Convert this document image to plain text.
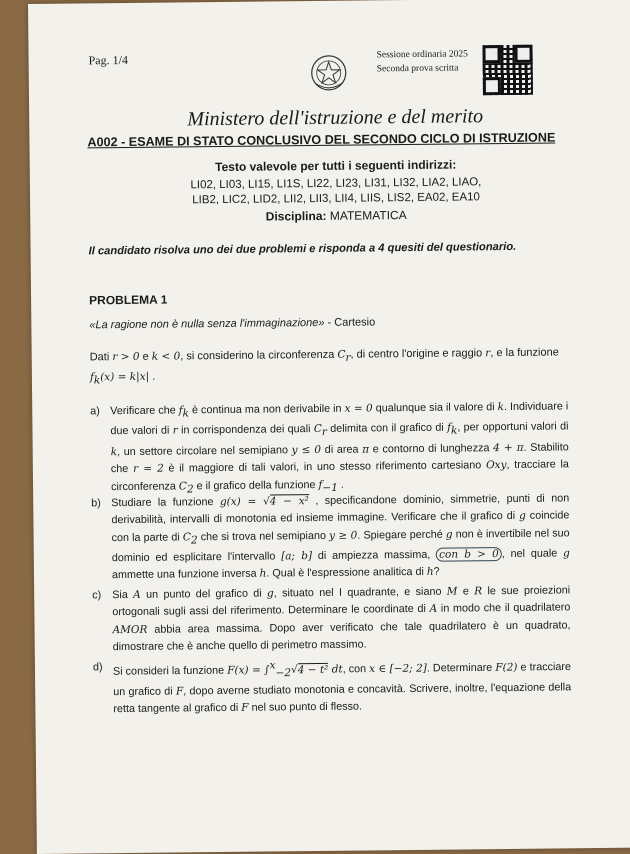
Pag. 1/4	Sessione ordinaria 2025
Seconda prova scritta
Ministero dell'istruzione e del merito
A002 - ESAME DI STATO CONCLUSIVO DEL SECONDO CICLO DI ISTRUZIONE
Testo valevole per tutti i seguenti indirizzi:
LI02, LI03, LI15, LI1S, LI22, LI23, LI31, LI32, LIA2, LIAO,
LIB2, LIC2, LID2, LII2, LII3, LII4, LIIS, LIS2, EA02, EA10
Disciplina: MATEMATICA
Il candidato risolva uno dei due problemi e risponda a 4 quesiti del questionario.
PROBLEMA 1
«La ragione non è nulla senza l'immaginazione» - Cartesio
Dati r > 0 e k < 0, si considerino la circonferenza $C_r$, di centro l'origine e raggio r, e la funzione
$f_k(x) = k|x|$ .
a) Verificare che $f_k$ è continua ma non derivabile in x = 0 qualunque sia il valore di k. Individuare i due valori di r in corrispondenza dei quali $C_r$ delimita con il grafico di $f_k$, per opportuni valori di k, un settore circolare nel semipiano y ≤ 0 di area π e contorno di lunghezza 4 + π. Stabilito che r = 2 è il maggiore di tali valori, in uno stesso riferimento cartesiano Oxy, tracciare la circonferenza $C_2$ e il grafico della funzione $f_{-1}$ .
b) Studiare la funzione g(x) = √4 − x² , specificandone dominio, simmetrie, punti di non derivabilità, intervalli di monotonia ed insieme immagine. Verificare che il grafico di g coincide con la parte di $C_2$ che si trova nel semipiano y ≥ 0. Spiegare perché g non è invertibile nel suo dominio ed esplicitare l'intervallo [a; b] di ampiezza massima, con b > 0 , nel quale g ammette una funzione inversa h. Qual è l'espressione analitica di h?
c) Sia A un punto del grafico di g, situato nel I quadrante, e siano M e R le sue proiezioni ortogonali sugli assi del riferimento. Determinare le coordinate di A in modo che il quadrilatero AMOR abbia area massima. Dopo aver verificato che tale quadrilatero è un quadrato, dimostrare che è anche quello di perimetro massimo.
d) Si consideri la funzione F(x) = ∫$^x_{-2}$√4 − t² dt, con x ∈ [−2; 2]. Determinare F(2) e tracciare un grafico di F, dopo averne studiato monotonia e concavità. Scrivere, inoltre, l'equazione della retta tangente al grafico di F nel suo punto di flesso.
